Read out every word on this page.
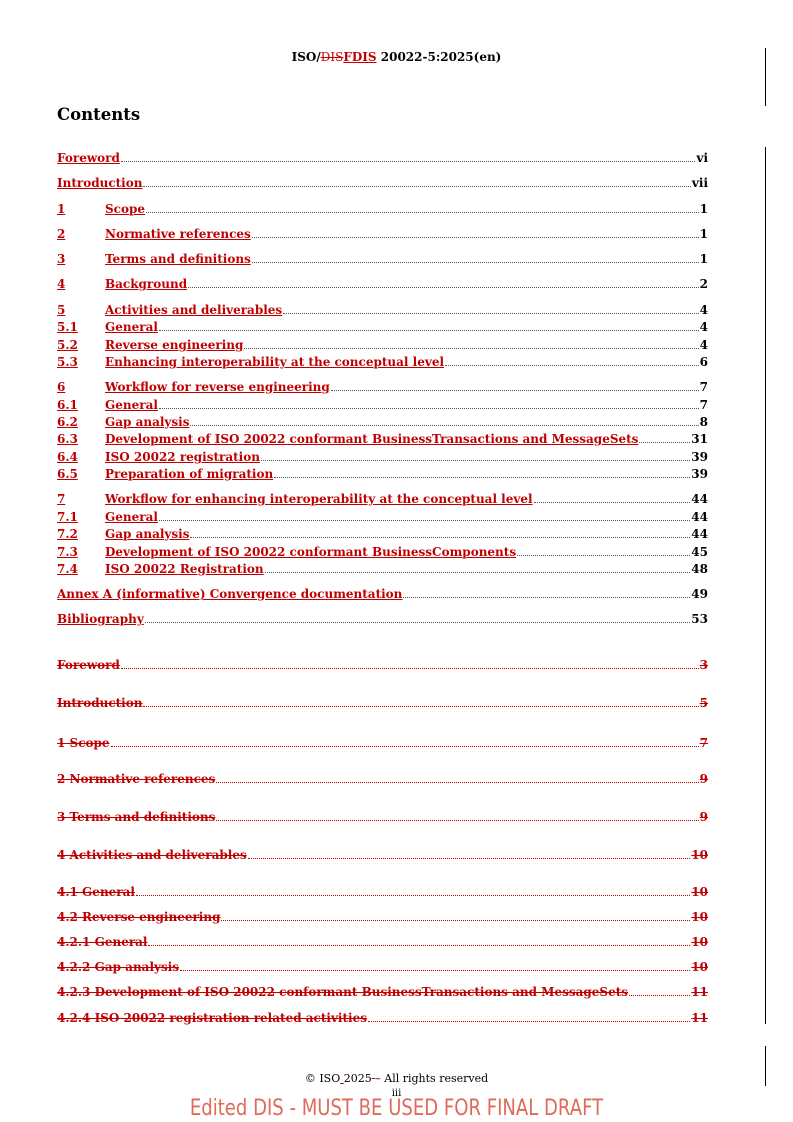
ISO/DISFDIS 20022-5:2025(en)
Contents
Foreword	vi
Introduction	vii
1	Scope	1
2	Normative references	1
3	Terms and definitions	1
4	Background	2
5	Activities and deliverables	4
5.1	General	4
5.2	Reverse engineering	4
5.3	Enhancing interoperability at the conceptual level	6
6	Workflow for reverse engineering	7
6.1	General	7
6.2	Gap analysis	8
6.3	Development of ISO 20022 conformant BusinessTransactions and MessageSets	31
6.4	ISO 20022 registration	39
6.5	Preparation of migration	39
7	Workflow for enhancing interoperability at the conceptual level	44
7.1	General	44
7.2	Gap analysis	44
7.3	Development of ISO 20022 conformant BusinessComponents	45
7.4	ISO 20022 Registration	48
Annex A (informative) Convergence documentation	49
Bibliography	53
Foreword	3
Introduction	5
1 Scope	7
2 Normative references	9
3 Terms and definitions	9
4 Activities and deliverables	10
4.1 General	10
4.2 Reverse engineering	10
4.2.1 General	10
4.2.2 Gap analysis	10
4.2.3 Development of ISO 20022 conformant BusinessTransactions and MessageSets	11
4.2.4 ISO 20022 registration related activities	11
© ISO 2025 – All rights reserved
iii
Edited DIS - MUST BE USED FOR FINAL DRAFT
